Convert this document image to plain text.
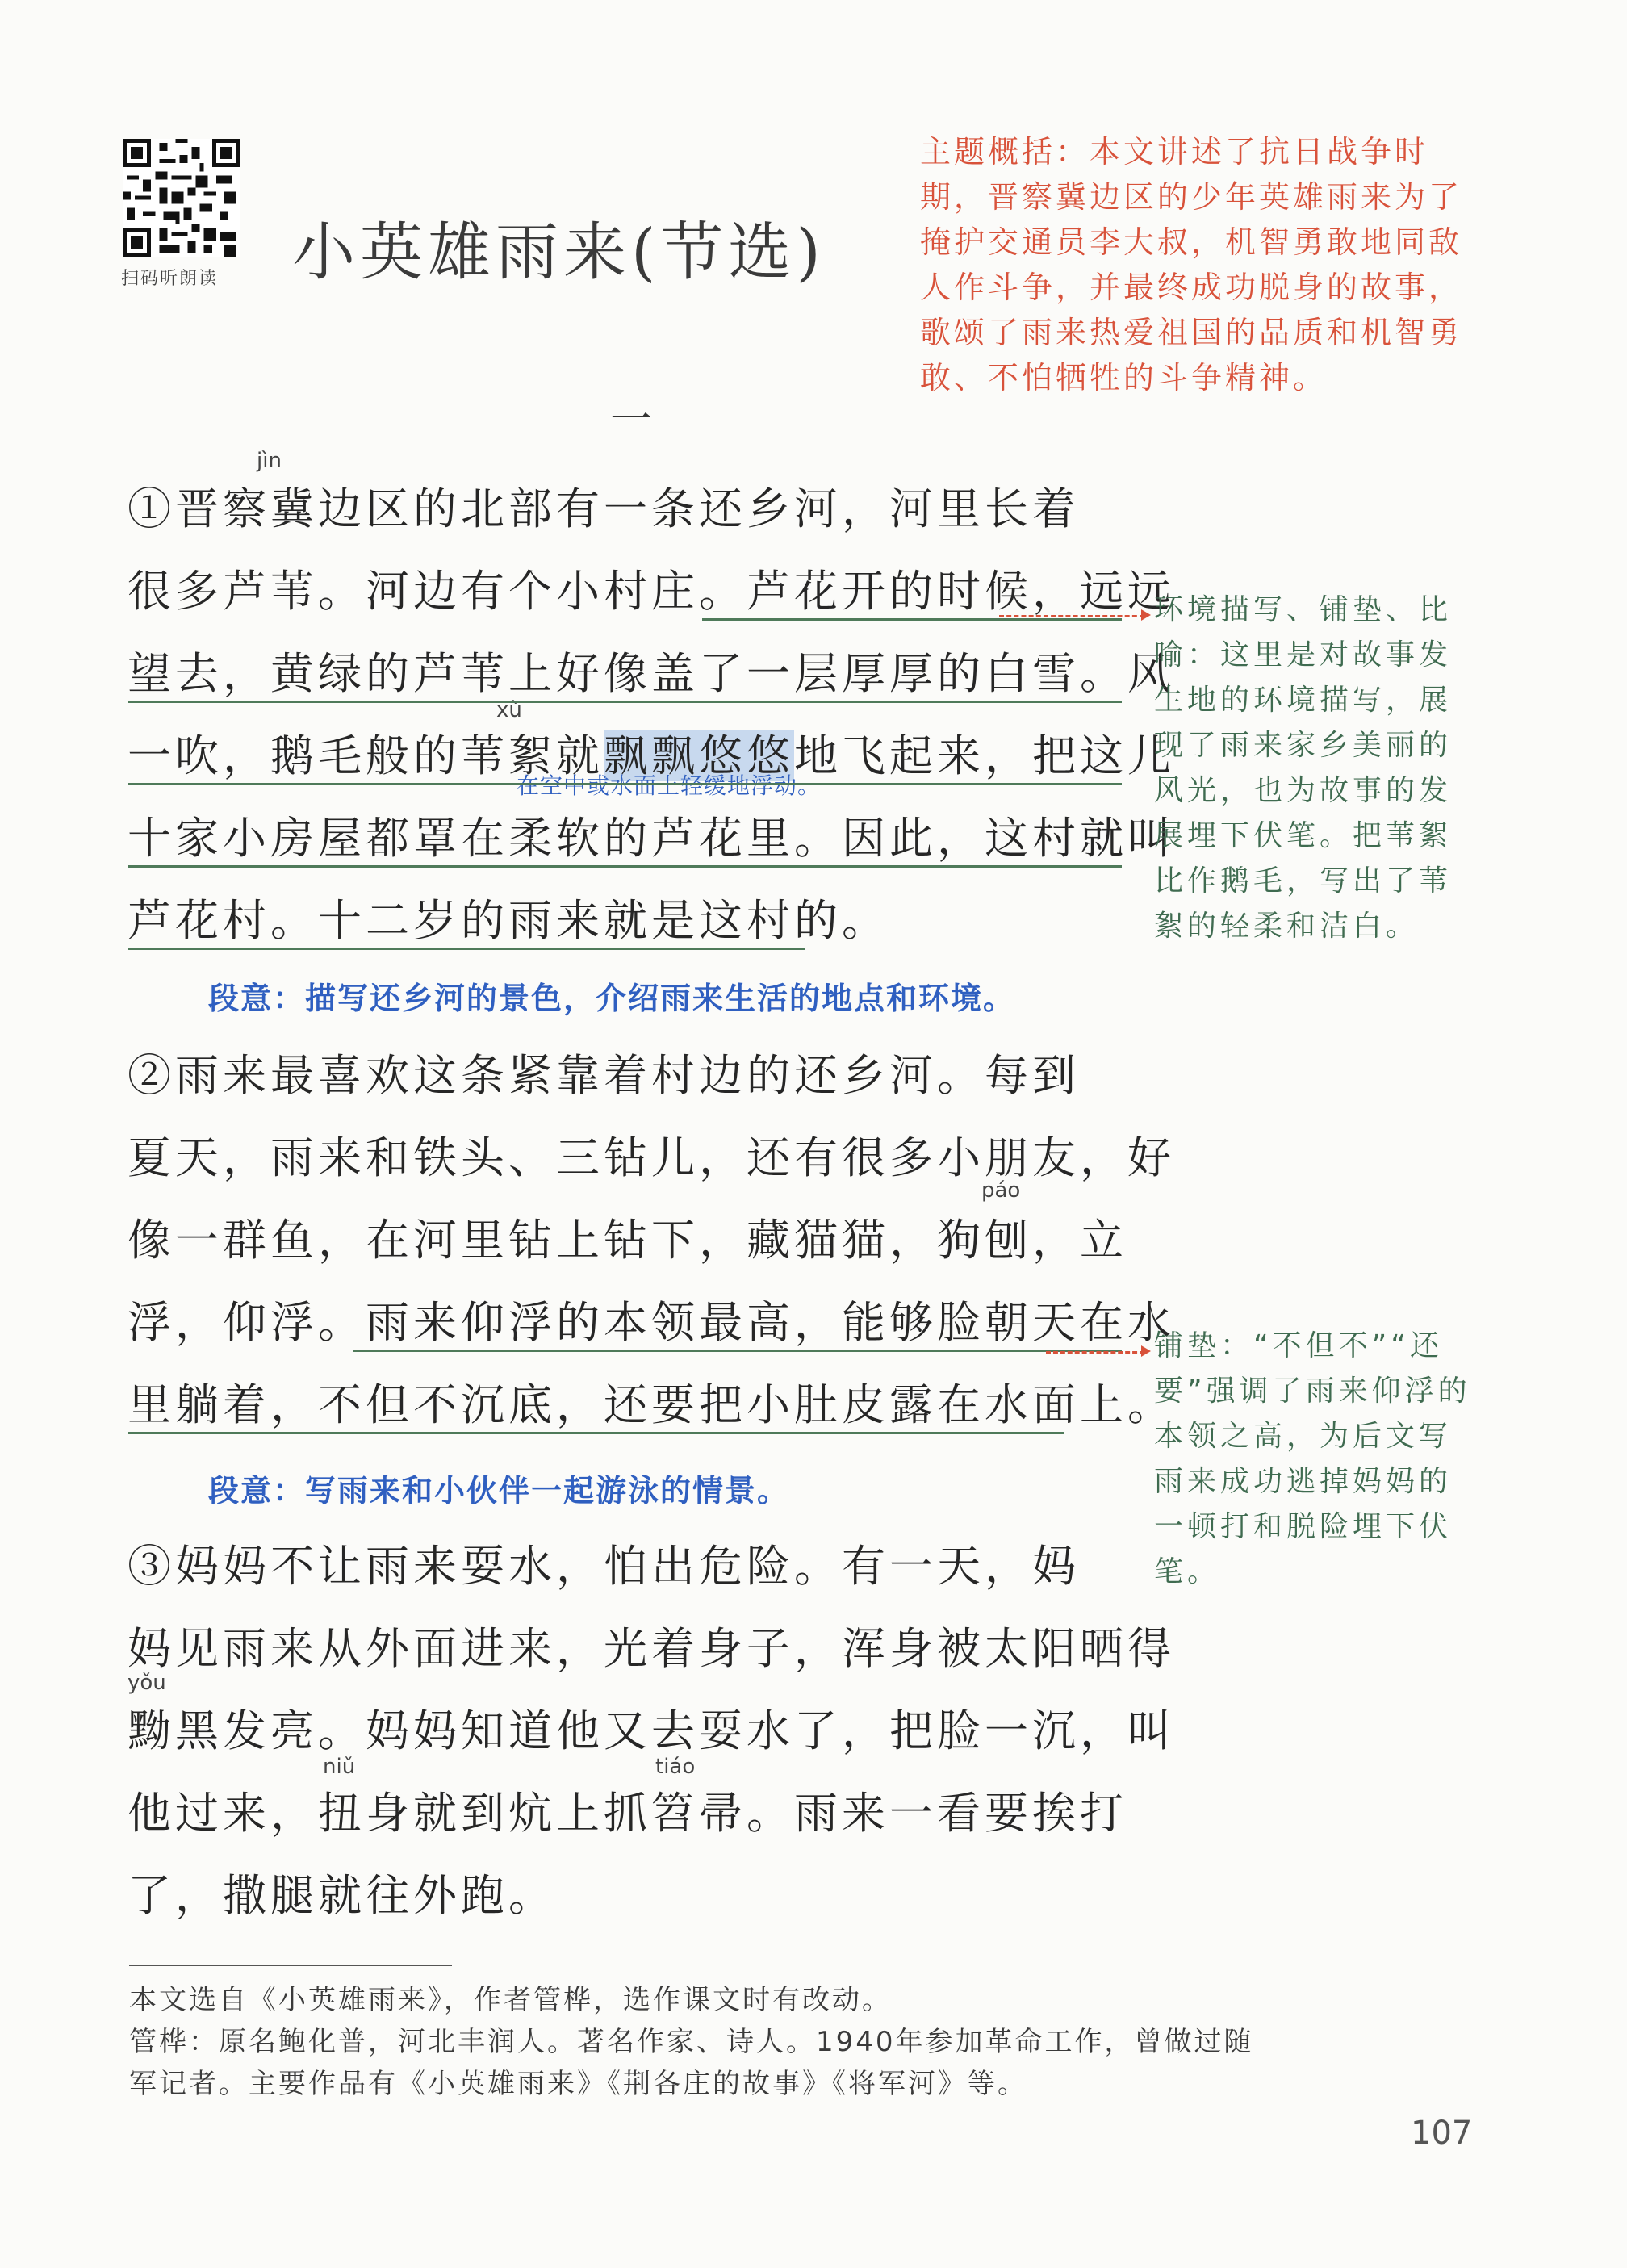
扫码听朗读 小英雄雨来(节选)
主题概括：本文讲述了抗日战争时期，晋察冀边区的少年英雄雨来为了掩护交通员李大叔，机智勇敢地同敌人作斗争，并最终成功脱身的故事，歌颂了雨来热爱祖国的品质和机智勇敢、不怕牺牲的斗争精神。
一
jìn
①晋察冀边区的北部有一条还乡河，河里长着
很多芦苇。河边有个小村庄。芦花开的时候，远远
望去，黄绿的芦苇上好像盖了一层厚厚的白雪。风
xù
一吹，鹅毛般的苇絮就飘飘悠悠地飞起来，把这儿
在空中或水面上轻缓地浮动。
十家小房屋都罩在柔软的芦花里。因此，这村就叫
芦花村。十二岁的雨来就是这村的。
环境描写、铺垫、比喻：这里是对故事发生地的环境描写，展现了雨来家乡美丽的风光，也为故事的发展埋下伏笔。把苇絮比作鹅毛，写出了苇絮的轻柔和洁白。
段意：描写还乡河的景色，介绍雨来生活的地点和环境。
②雨来最喜欢这条紧靠着村边的还乡河。每到
夏天，雨来和铁头、三钻儿，还有很多小朋友，好
páo
像一群鱼，在河里钻上钻下，藏猫猫，狗刨，立
浮，仰浮。雨来仰浮的本领最高，能够脸朝天在水
里躺着，不但不沉底，还要把小肚皮露在水面上。
铺垫：“不但不”“还要”强调了雨来仰浮的本领之高，为后文写雨来成功逃掉妈妈的一顿打和脱险埋下伏笔。
段意：写雨来和小伙伴一起游泳的情景。
③妈妈不让雨来耍水，怕出危险。有一天，妈
妈见雨来从外面进来，光着身子，浑身被太阳晒得
yǒu
黝黑发亮。妈妈知道他又去耍水了，把脸一沉，叫
niǔ	tiáo
他过来，扭身就到炕上抓笤帚。雨来一看要挨打
了，撒腿就往外跑。
本文选自《小英雄雨来》，作者管桦，选作课文时有改动。
管桦：原名鲍化普，河北丰润人。著名作家、诗人。1940年参加革命工作，曾做过随
军记者。主要作品有《小英雄雨来》《荆各庄的故事》《将军河》等。
107
